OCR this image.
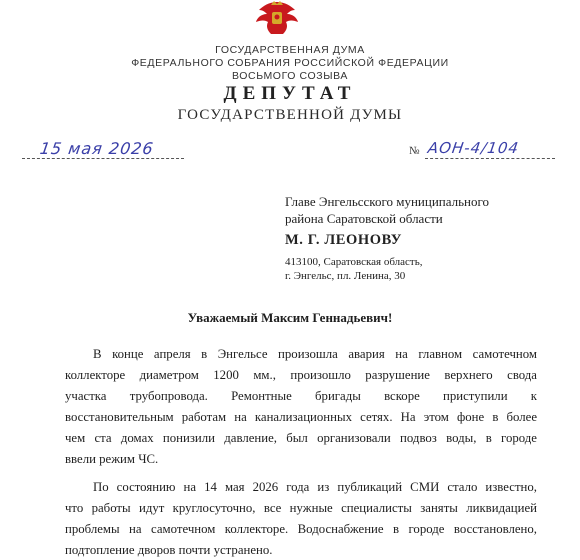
ГОСУДАРСТВЕННАЯ ДУМА
ФЕДЕРАЛЬНОГО СОБРАНИЯ РОССИЙСКОЙ ФЕДЕРАЦИИ
ВОСЬМОГО СОЗЫВА
ДЕПУТАТ
ГОСУДАРСТВЕННОЙ ДУМЫ
15 мая 2026	№ АОН-4/104
Главе Энгельсского муниципального
района Саратовской области
М. Г. ЛЕОНОВУ
413100, Саратовская область,
г. Энгельс, пл. Ленина, 30
Уважаемый Максим Геннадьевич!
В конце апреля в Энгельсе произошла авария на главном самотечном
коллекторе диаметром 1200 мм., произошло разрушение верхнего свода
участка трубопровода. Ремонтные бригады вскоре приступили к
восстановительным работам на канализационных сетях. На этом фоне в более
чем ста домах понизили давление, был организовали подвоз воды, в городе
ввели режим ЧС.
По состоянию на 14 мая 2026 года из публикаций СМИ стало известно,
что работы идут круглосуточно, все нужные специалисты заняты ликвидацией
проблемы на самотечном коллекторе. Водоснабжение в городе восстановлено,
подтопление дворов почти устранено.
